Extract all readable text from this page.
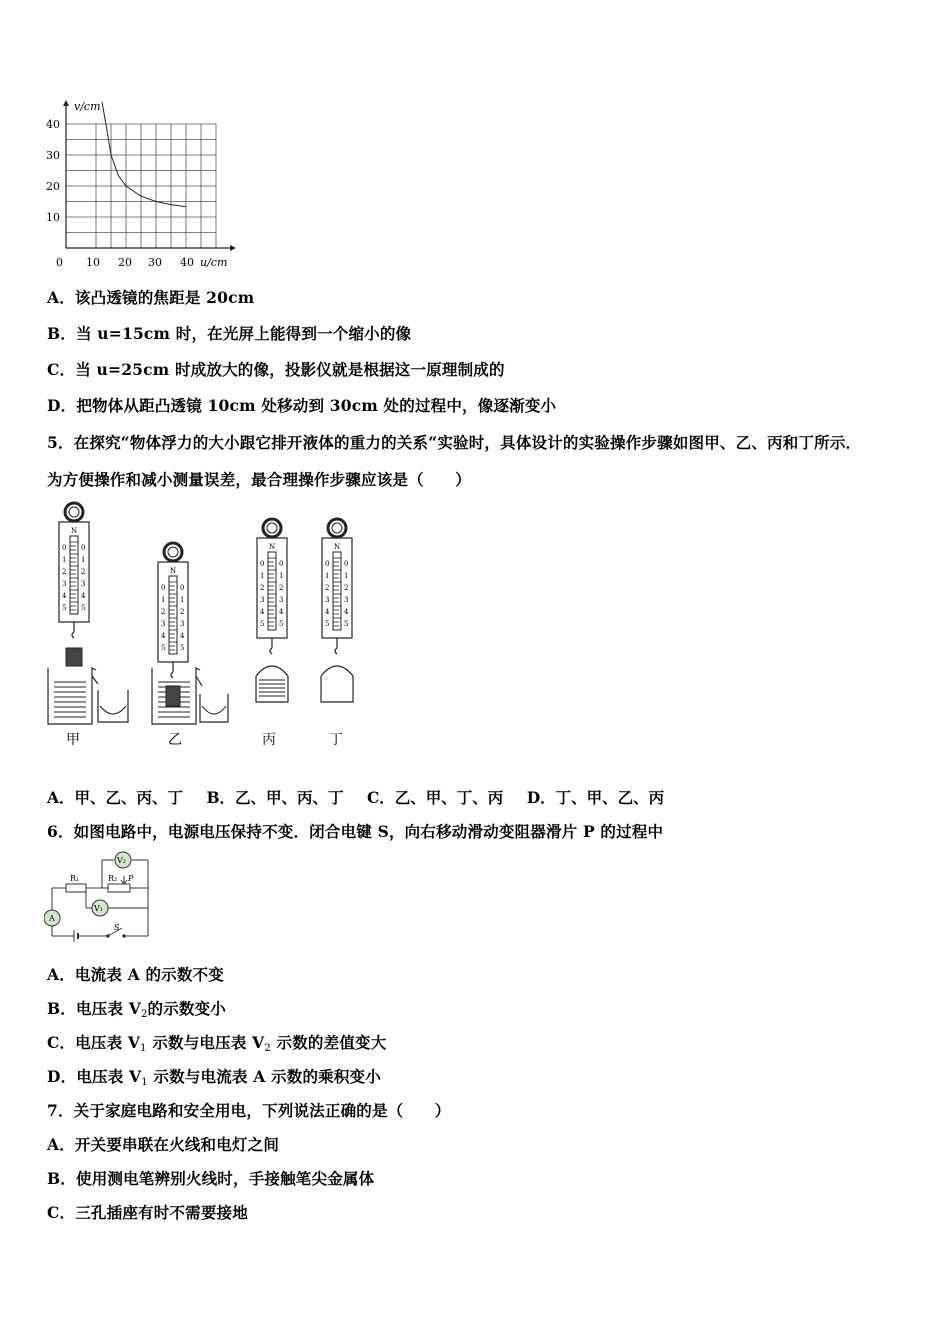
10
20
30
40
0 10 20 30 40
v/cm
u/cm
A．该凸透镜的焦距是 20cm
B．当 u=15cm 时，在光屏上能得到一个缩小的像
C．当 u=25cm 时成放大的像，投影仪就是根据这一原理制成的
D．把物体从距凸透镜 10cm 处移动到 30cm 处的过程中，像逐渐变小
5．在探究“物体浮力的大小跟它排开液体的重力的关系“实验时，具体设计的实验操作步骤如图甲、乙、丙和丁所示．
为方便操作和减小测量误差，最合理操作步骤应该是（　　）
N
0 0
1 1
2 2
3 3
4 4
5 5
N
0 0
1 1
2 2
3 3
4 4
5 5
N
0 0
1 1
2 2
3 3
4 4
5 5
N
0 0
1 1
2 2
3 3
4 4
5 5
甲	乙	丙	丁
A．甲、乙、丙、丁 B．乙、甲、丙、丁 C．乙、甲、丁、丙 D．丁、甲、乙、丙
6．如图电路中，电源电压保持不变．闭合电键 S，向右移动滑动变阻器滑片 P 的过程中
V₂
V₁
A
R₁	R₂ P
S
A．电流表 A 的示数不变
B．电压表 $V_2$的示数变小
C．电压表 $V_1$ 示数与电压表 $V_2$ 示数的差值变大
D．电压表 $V_1$ 示数与电流表 A 示数的乘积变小
7．关于家庭电路和安全用电，下列说法正确的是（　　）
A．开关要串联在火线和电灯之间
B．使用测电笔辨别火线时，手接触笔尖金属体
C．三孔插座有时不需要接地
